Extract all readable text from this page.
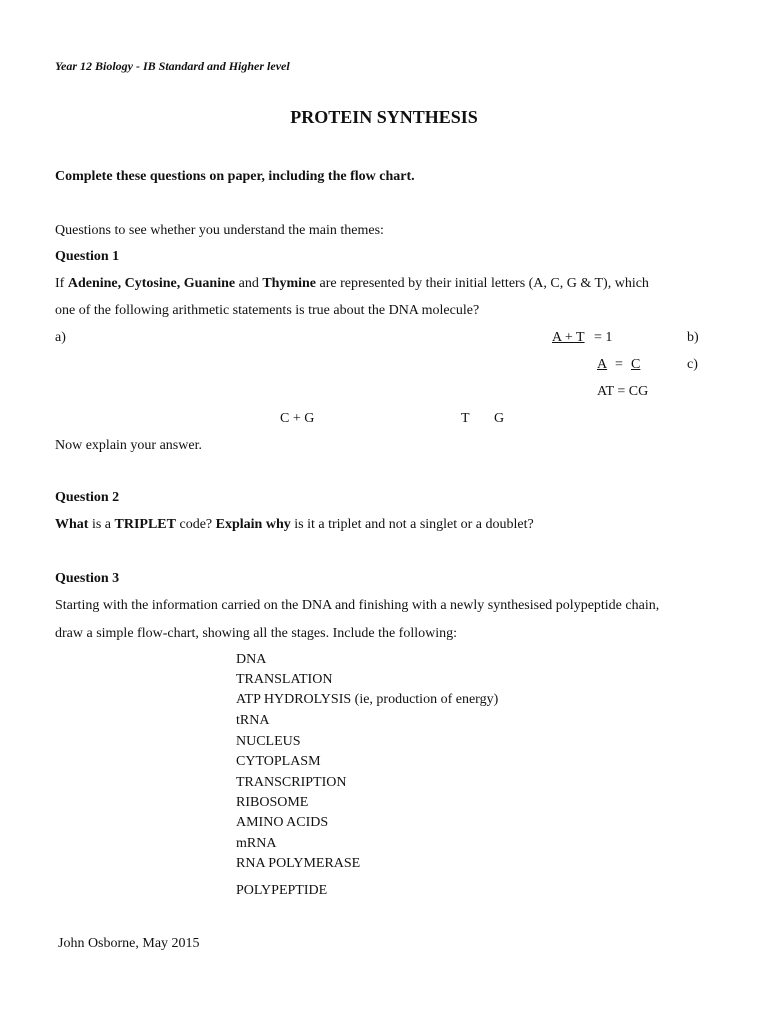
Year 12 Biology - IB Standard and Higher level
PROTEIN SYNTHESIS
Complete these questions on paper, including the flow chart.
Questions to see whether you understand the main themes:
Question 1
If Adenine, Cytosine, Guanine and Thymine are represented by their initial letters (A, C, G & T), which
one of the following arithmetic statements is true about the DNA molecule?
a)	A + T = 1	b)
A = C	c)
AT = CG
C + G	T G
Now explain your answer.
Question 2
What is a TRIPLET code? Explain why is it a triplet and not a singlet or a doublet?
Question 3
Starting with the information carried on the DNA and finishing with a newly synthesised polypeptide chain,
draw a simple flow-chart, showing all the stages. Include the following:
DNA
TRANSLATION
ATP HYDROLYSIS (ie, production of energy)
tRNA
NUCLEUS
CYTOPLASM
TRANSCRIPTION
RIBOSOME
AMINO ACIDS
mRNA
RNA POLYMERASE
POLYPEPTIDE
John Osborne, May 2015
